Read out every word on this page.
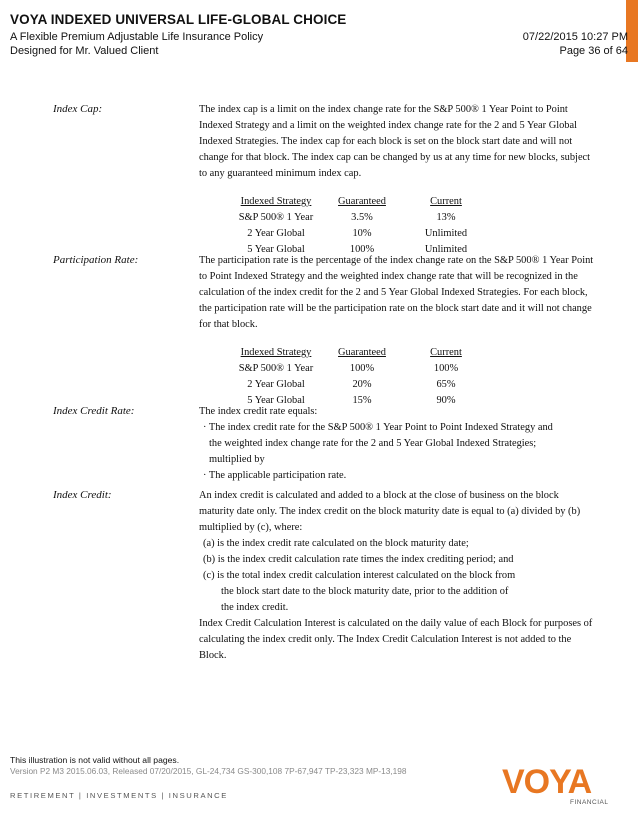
VOYA INDEXED UNIVERSAL LIFE-GLOBAL CHOICE
A Flexible Premium Adjustable Life Insurance Policy
Designed for Mr. Valued Client
07/22/2015 10:27 PM
Page 36 of 64
Index Cap:	The index cap is a limit on the index change rate for the S&P 500® 1 Year Point to Point Indexed Strategy and a limit on the weighted index change rate for the 2 and 5 Year Global Indexed Strategies. The index cap for each block is set on the block start date and will not change for that block. The index cap can be changed by us at any time for new blocks, subject to any guaranteed minimum index cap.

Indexed Strategy	Guaranteed	Current
S&P 500® 1 Year	3.5%	13%
2 Year Global	10%	Unlimited
5 Year Global	100%	Unlimited
Participation Rate:	The participation rate is the percentage of the index change rate on the S&P 500® 1 Year Point to Point Indexed Strategy and the weighted index change rate that will be recognized in the calculation of the index credit for the 2 and 5 Year Global Indexed Strategies. For each block, the participation rate will be the participation rate on the block start date and it will not change for that block.

Indexed Strategy	Guaranteed	Current
S&P 500® 1 Year	100%	100%
2 Year Global	20%	65%
5 Year Global	15%	90%
Index Credit Rate:	The index credit rate equals:

· The index credit rate for the S&P 500® 1 Year Point to Point Indexed Strategy and

the weighted index change rate for the 2 and 5 Year Global Indexed Strategies;

multiplied by

· The applicable participation rate.

Index Credit:	An index credit is calculated and added to a block at the close of business on the block maturity date only. The index credit on the block maturity date is equal to (a) divided by (b) multiplied by (c), where:

(a) is the index credit rate calculated on the block maturity date;

(b) is the index credit calculation rate times the index crediting period; and

(c) is the total index credit calculation interest calculated on the block from

the block start date to the block maturity date, prior to the addition of

the index credit.

Index Credit Calculation Interest is calculated on the daily value of each Block for purposes of calculating the index credit only. The Index Credit Calculation Interest is not added to the Block.

This illustration is not valid without all pages.
Version P2 M3 2015.06.03, Released 07/20/2015, GL-24,734 GS-300,108 7P-67,947 TP-23,323 MP-13,198
RETIREMENT | INVESTMENTS | INSURANCE	VOYA
FINANCIAL
